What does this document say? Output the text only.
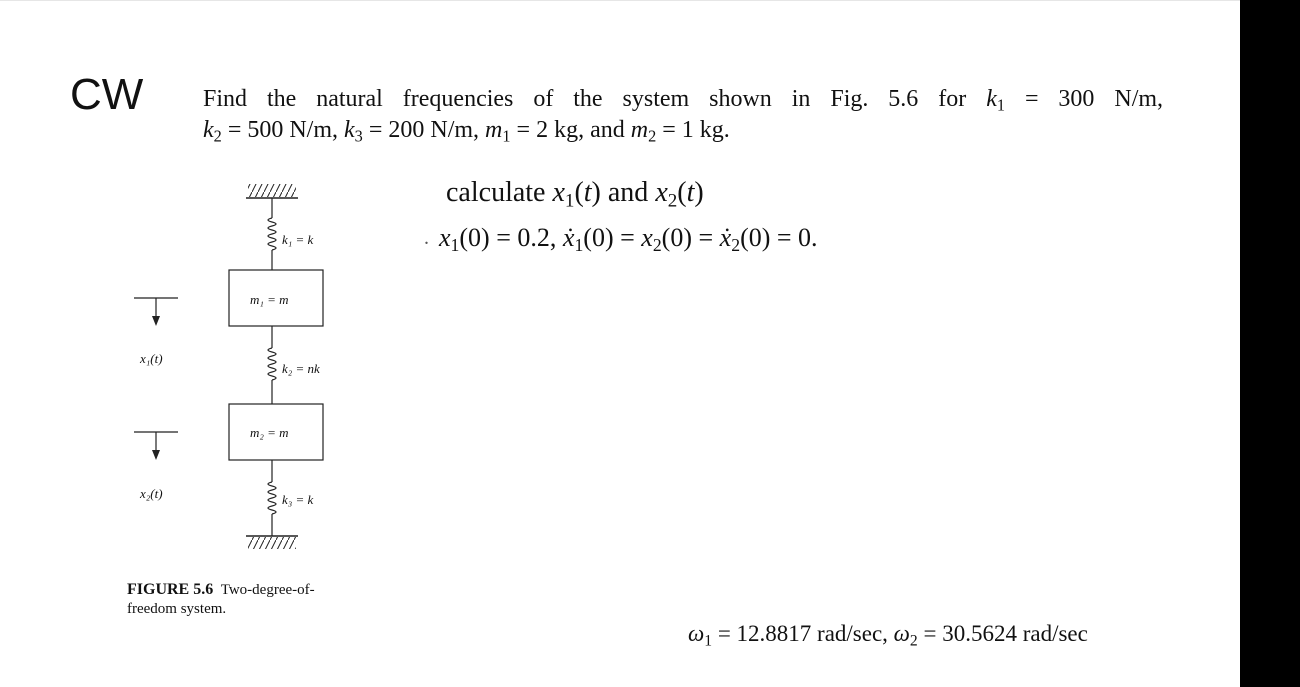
CW Find the natural frequencies of the system shown in Fig. 5.6 for $k_1 = 300$ N/m,
$k_2 = 500$ N/m, $k_3 = 200$ N/m, $m_1 = 2$ kg, and $m_2 = 1$ kg.
calculate $x_1(t)$ and $x_2(t)$
. $x_1(0) = 0.2$, $ẋ_1(0) = x_2(0)$ = $ẋ_2(0) = 0$.
$\omega_1 = 12.8817$ rad/sec, $\omega_2 = 30.5624$ rad/sec
k₁ = k
m₁ = m
k₂ = nk
m₂ = m
k₃ = k
x₁(t)
x₂(t)
FIGURE 5.6 Two-degree-of-freedom system.
